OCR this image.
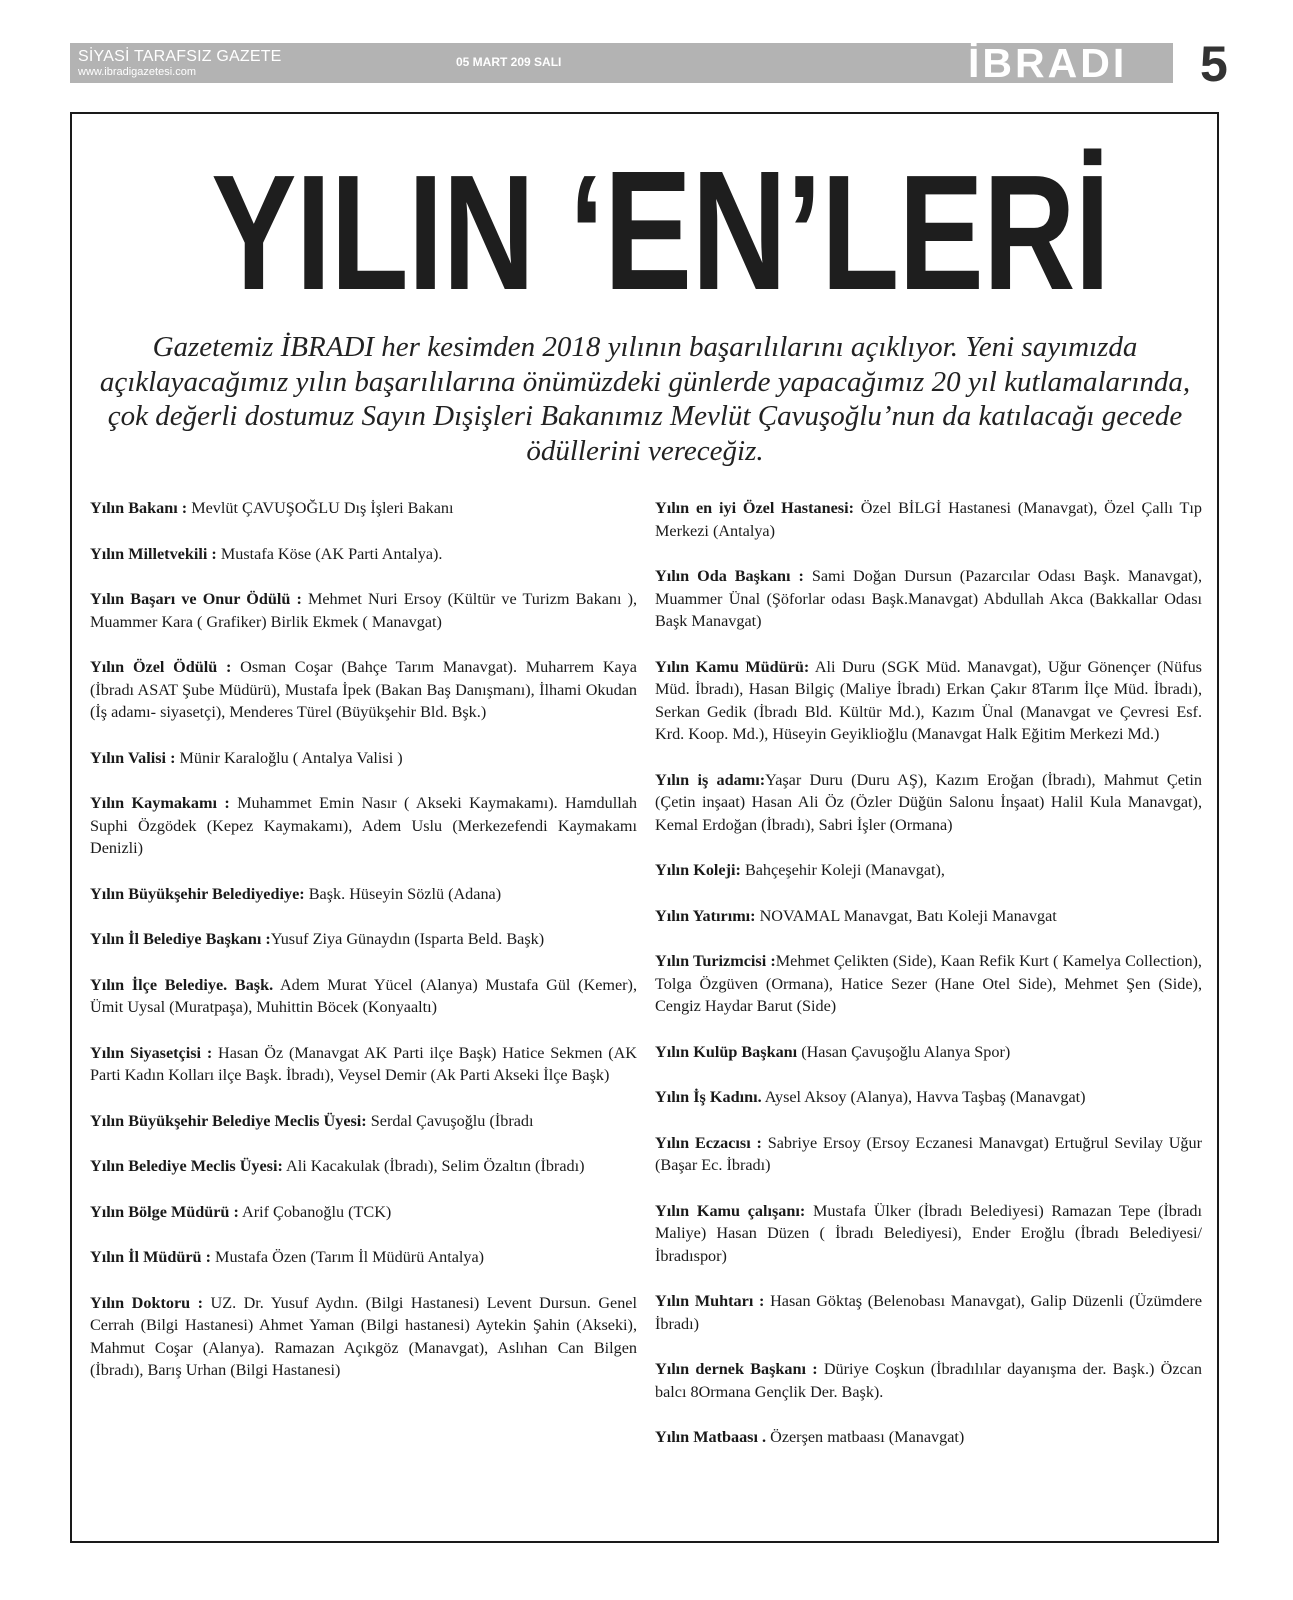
SİYASİ TARAFSIZ GAZETE
www.ibradigazetesi.com
05 MART 209 SALI	İBRADI 5
YILIN ‘EN’LERİ
Gazetemiz İBRADI her kesimden 2018 yılının başarılılarını açıklıyor. Yeni sayımızda açıklayacağımız yılın başarılılarına önümüzdeki günlerde yapacağımız 20 yıl kutlamalarında, çok değerli dostumuz Sayın Dışişleri Bakanımız Mevlüt Çavuşoğlu’nun da katılacağı gecede ödüllerini vereceğiz.

Yılın Bakanı : Mevlüt ÇAVUŞOĞLU Dış İşleri Bakanı

Yılın Milletvekili : Mustafa Köse (AK Parti Antalya).

Yılın Başarı ve Onur Ödülü : Mehmet Nuri Ersoy (Kültür ve Turizm Bakanı ), Muammer Kara ( Grafiker) Birlik Ekmek ( Manavgat)

Yılın Özel Ödülü : Osman Coşar (Bahçe Tarım Manavgat). Muharrem Kaya (İbradı ASAT Şube Müdürü), Mustafa İpek (Bakan Baş Danışmanı), İlhami Okudan (İş adamı- siyasetçi), Menderes Türel (Büyükşehir Bld. Bşk.)

Yılın Valisi : Münir Karaloğlu ( Antalya Valisi )

Yılın Kaymakamı : Muhammet Emin Nasır ( Akseki Kaymakamı). Hamdullah Suphi Özgödek (Kepez Kaymakamı), Adem Uslu (Merkezefendi Kaymakamı Denizli)

Yılın Büyükşehir Belediyediye: Başk. Hüseyin Sözlü (Adana)

Yılın İl Belediye Başkanı :Yusuf Ziya Günaydın (Isparta Beld. Başk)

Yılın İlçe Belediye. Başk. Adem Murat Yücel (Alanya) Mustafa Gül (Kemer), Ümit Uysal (Muratpaşa), Muhittin Böcek (Konyaaltı)

Yılın Siyasetçisi : Hasan Öz (Manavgat AK Parti ilçe Başk) Hatice Sekmen (AK Parti Kadın Kolları ilçe Başk. İbradı), Veysel Demir (Ak Parti Akseki İlçe Başk)

Yılın Büyükşehir Belediye Meclis Üyesi: Serdal Çavuşoğlu (İbradı

Yılın Belediye Meclis Üyesi: Ali Kacakulak (İbradı), Selim Özaltın (İbradı)

Yılın Bölge Müdürü : Arif Çobanoğlu (TCK)

Yılın İl Müdürü : Mustafa Özen (Tarım İl Müdürü Antalya)

Yılın Doktoru : UZ. Dr. Yusuf Aydın. (Bilgi Hastanesi) Levent Dursun. Genel Cerrah (Bilgi Hastanesi) Ahmet Yaman (Bilgi hastanesi) Aytekin Şahin (Akseki), Mahmut Coşar (Alanya). Ramazan Açıkgöz (Manavgat), Aslıhan Can Bilgen (İbradı), Barış Urhan (Bilgi Hastanesi)

Yılın en iyi Özel Hastanesi: Özel BİLGİ Hastanesi (Manavgat), Özel Çallı Tıp Merkezi (Antalya)

Yılın Oda Başkanı : Sami Doğan Dursun (Pazarcılar Odası Başk. Manavgat), Muammer Ünal (Şöforlar odası Başk.Manavgat) Abdullah Akca (Bakkallar Odası Başk Manavgat)

Yılın Kamu Müdürü: Ali Duru (SGK Müd. Manavgat), Uğur Gönençer (Nüfus Müd. İbradı), Hasan Bilgiç (Maliye İbradı) Erkan Çakır 8Tarım İlçe Müd. İbradı), Serkan Gedik (İbradı Bld. Kültür Md.), Kazım Ünal (Manavgat ve Çevresi Esf. Krd. Koop. Md.), Hüseyin Geyiklioğlu (Manavgat Halk Eğitim Merkezi Md.)

Yılın iş adamı:Yaşar Duru (Duru AŞ), Kazım Eroğan (İbradı), Mahmut Çetin (Çetin inşaat) Hasan Ali Öz (Özler Düğün Salonu İnşaat) Halil Kula Manavgat), Kemal Erdoğan (İbradı), Sabri İşler (Ormana)

Yılın Koleji: Bahçeşehir Koleji (Manavgat),

Yılın Yatırımı: NOVAMAL Manavgat, Batı Koleji Manavgat

Yılın Turizmcisi :Mehmet Çelikten (Side), Kaan Refik Kurt ( Kamelya Collection), Tolga Özgüven (Ormana), Hatice Sezer (Hane Otel Side), Mehmet Şen (Side), Cengiz Haydar Barut (Side)

Yılın Kulüp Başkanı (Hasan Çavuşoğlu Alanya Spor)

Yılın İş Kadını. Aysel Aksoy (Alanya), Havva Taşbaş (Manavgat)

Yılın Eczacısı : Sabriye Ersoy (Ersoy Eczanesi Manavgat) Ertuğrul Sevilay Uğur (Başar Ec. İbradı)

Yılın Kamu çalışanı: Mustafa Ülker (İbradı Belediyesi) Ramazan Tepe (İbradı Maliye) Hasan Düzen ( İbradı Belediyesi), Ender Eroğlu (İbradı Belediyesi/İbradıspor)

Yılın Muhtarı : Hasan Göktaş (Belenobası Manavgat), Galip Düzenli (Üzümdere İbradı)

Yılın dernek Başkanı : Düriye Coşkun (İbradılılar dayanışma der. Başk.) Özcan balcı 8Ormana Gençlik Der. Başk).

Yılın Matbaası . Özerşen matbaası (Manavgat)
